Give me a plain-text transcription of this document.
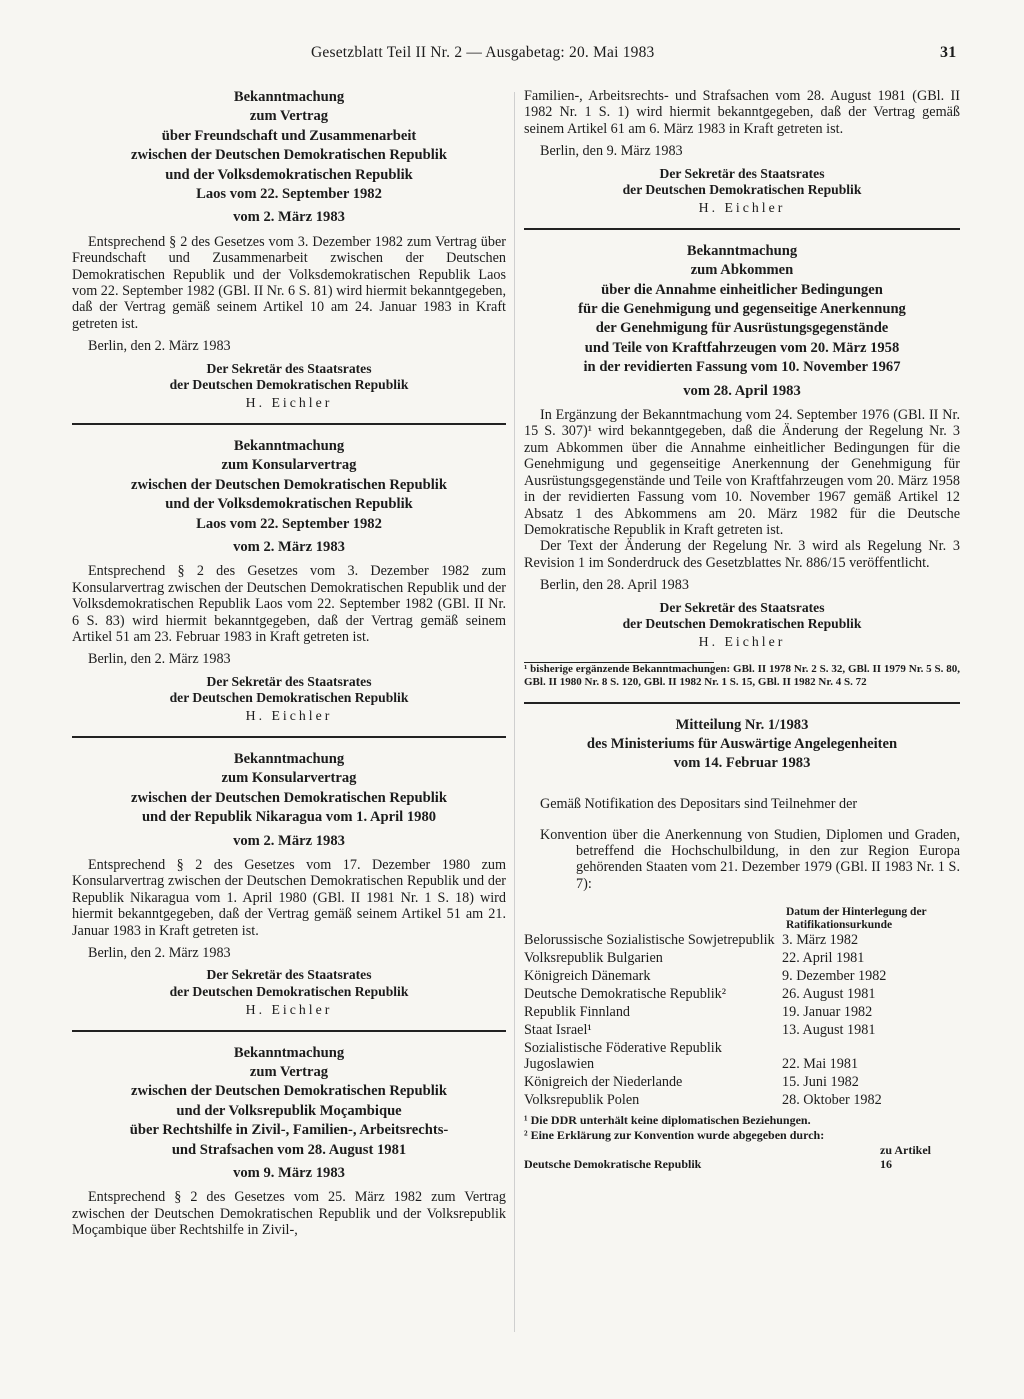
Gesetzblatt Teil II Nr. 2 — Ausgabetag: 20. Mai 1983	31
Bekanntmachung
zum Vertrag
über Freundschaft und Zusammenarbeit
zwischen der Deutschen Demokratischen Republik
und der Volksdemokratischen Republik
Laos vom 22. September 1982
vom 2. März 1983

Entsprechend § 2 des Gesetzes vom 3. Dezember 1982 zum Vertrag über Freundschaft und Zusammenarbeit zwischen der Deutschen Demokratischen Republik und der Volksdemokratischen Republik Laos vom 22. September 1982 (GBl. II Nr. 6 S. 81) wird hiermit bekanntgegeben, daß der Vertrag gemäß seinem Artikel 10 am 24. Januar 1983 in Kraft getreten ist.

Berlin, den 2. März 1983
Der Sekretär des Staatsrates
der Deutschen Demokratischen Republik
H. Eichler
Bekanntmachung
zum Konsularvertrag
zwischen der Deutschen Demokratischen Republik
und der Volksdemokratischen Republik
Laos vom 22. September 1982
vom 2. März 1983

Entsprechend § 2 des Gesetzes vom 3. Dezember 1982 zum Konsularvertrag zwischen der Deutschen Demokratischen Republik und der Volksdemokratischen Republik Laos vom 22. September 1982 (GBl. II Nr. 6 S. 83) wird hiermit bekanntgegeben, daß der Vertrag gemäß seinem Artikel 51 am 23. Februar 1983 in Kraft getreten ist.

Berlin, den 2. März 1983
Der Sekretär des Staatsrates
der Deutschen Demokratischen Republik
H. Eichler
Bekanntmachung
zum Konsularvertrag
zwischen der Deutschen Demokratischen Republik
und der Republik Nikaragua vom 1. April 1980
vom 2. März 1983

Entsprechend § 2 des Gesetzes vom 17. Dezember 1980 zum Konsularvertrag zwischen der Deutschen Demokratischen Republik und der Republik Nikaragua vom 1. April 1980 (GBl. II 1981 Nr. 1 S. 18) wird hiermit bekanntgegeben, daß der Vertrag gemäß seinem Artikel 51 am 21. Januar 1983 in Kraft getreten ist.

Berlin, den 2. März 1983
Der Sekretär des Staatsrates
der Deutschen Demokratischen Republik
H. Eichler
Bekanntmachung
zum Vertrag
zwischen der Deutschen Demokratischen Republik
und der Volksrepublik Moçambique
über Rechtshilfe in Zivil-, Familien-, Arbeitsrechts-
und Strafsachen vom 28. August 1981
vom 9. März 1983

Entsprechend § 2 des Gesetzes vom 25. März 1982 zum Vertrag zwischen der Deutschen Demokratischen Republik und der Volksrepublik Moçambique über Rechtshilfe in Zivil-,

Familien-, Arbeitsrechts- und Strafsachen vom 28. August 1981 (GBl. II 1982 Nr. 1 S. 1) wird hiermit bekanntgegeben, daß der Vertrag gemäß seinem Artikel 61 am 6. März 1983 in Kraft getreten ist.

Berlin, den 9. März 1983
Der Sekretär des Staatsrates
der Deutschen Demokratischen Republik
H. Eichler
Bekanntmachung
zum Abkommen
über die Annahme einheitlicher Bedingungen
für die Genehmigung und gegenseitige Anerkennung
der Genehmigung für Ausrüstungsgegenstände
und Teile von Kraftfahrzeugen vom 20. März 1958
in der revidierten Fassung vom 10. November 1967
vom 28. April 1983

In Ergänzung der Bekanntmachung vom 24. September 1976 (GBl. II Nr. 15 S. 307)¹ wird bekanntgegeben, daß die Änderung der Regelung Nr. 3 zum Abkommen über die Annahme einheitlicher Bedingungen für die Genehmigung und gegenseitige Anerkennung der Genehmigung für Ausrüstungsgegenstände und Teile von Kraftfahrzeugen vom 20. März 1958 in der revidierten Fassung vom 10. November 1967 gemäß Artikel 12 Absatz 1 des Abkommens am 20. März 1982 für die Deutsche Demokratische Republik in Kraft getreten ist.

Der Text der Änderung der Regelung Nr. 3 wird als Regelung Nr. 3 Revision 1 im Sonderdruck des Gesetzblattes Nr. 886/15 veröffentlicht.

Berlin, den 28. April 1983
Der Sekretär des Staatsrates
der Deutschen Demokratischen Republik
H. Eichler

¹ bisherige ergänzende Bekanntmachungen: GBl. II 1978 Nr. 2 S. 32, GBl. II 1979 Nr. 5 S. 80, GBl. II 1980 Nr. 8 S. 120, GBl. II 1982 Nr. 1 S. 15, GBl. II 1982 Nr. 4 S. 72

Mitteilung Nr. 1/1983
des Ministeriums für Auswärtige Angelegenheiten
vom 14. Februar 1983

Gemäß Notifikation des Depositars sind Teilnehmer der

Konvention über die Anerkennung von Studien, Diplomen und Graden, betreffend die Hochschulbildung, in den zur Region Europa gehörenden Staaten vom 21. Dezember 1979 (GBl. II 1983 Nr. 1 S. 7):

Datum der Hinterlegung der Ratifikationsurkunde
Belorussische Sozialistische Sowjetrepublik	3. März 1982
Volksrepublik Bulgarien	22. April 1981
Königreich Dänemark	9. Dezember 1982
Deutsche Demokratische Republik²	26. August 1981
Republik Finnland	19. Januar 1982
Staat Israel¹	13. August 1981
Sozialistische Föderative Republik Jugoslawien	22. Mai 1981
Königreich der Niederlande	15. Juni 1982
Volksrepublik Polen	28. Oktober 1982

¹ Die DDR unterhält keine diplomatischen Beziehungen.

² Eine Erklärung zur Konvention wurde abgegeben durch:

zu Artikel
Deutsche Demokratische Republik	16
